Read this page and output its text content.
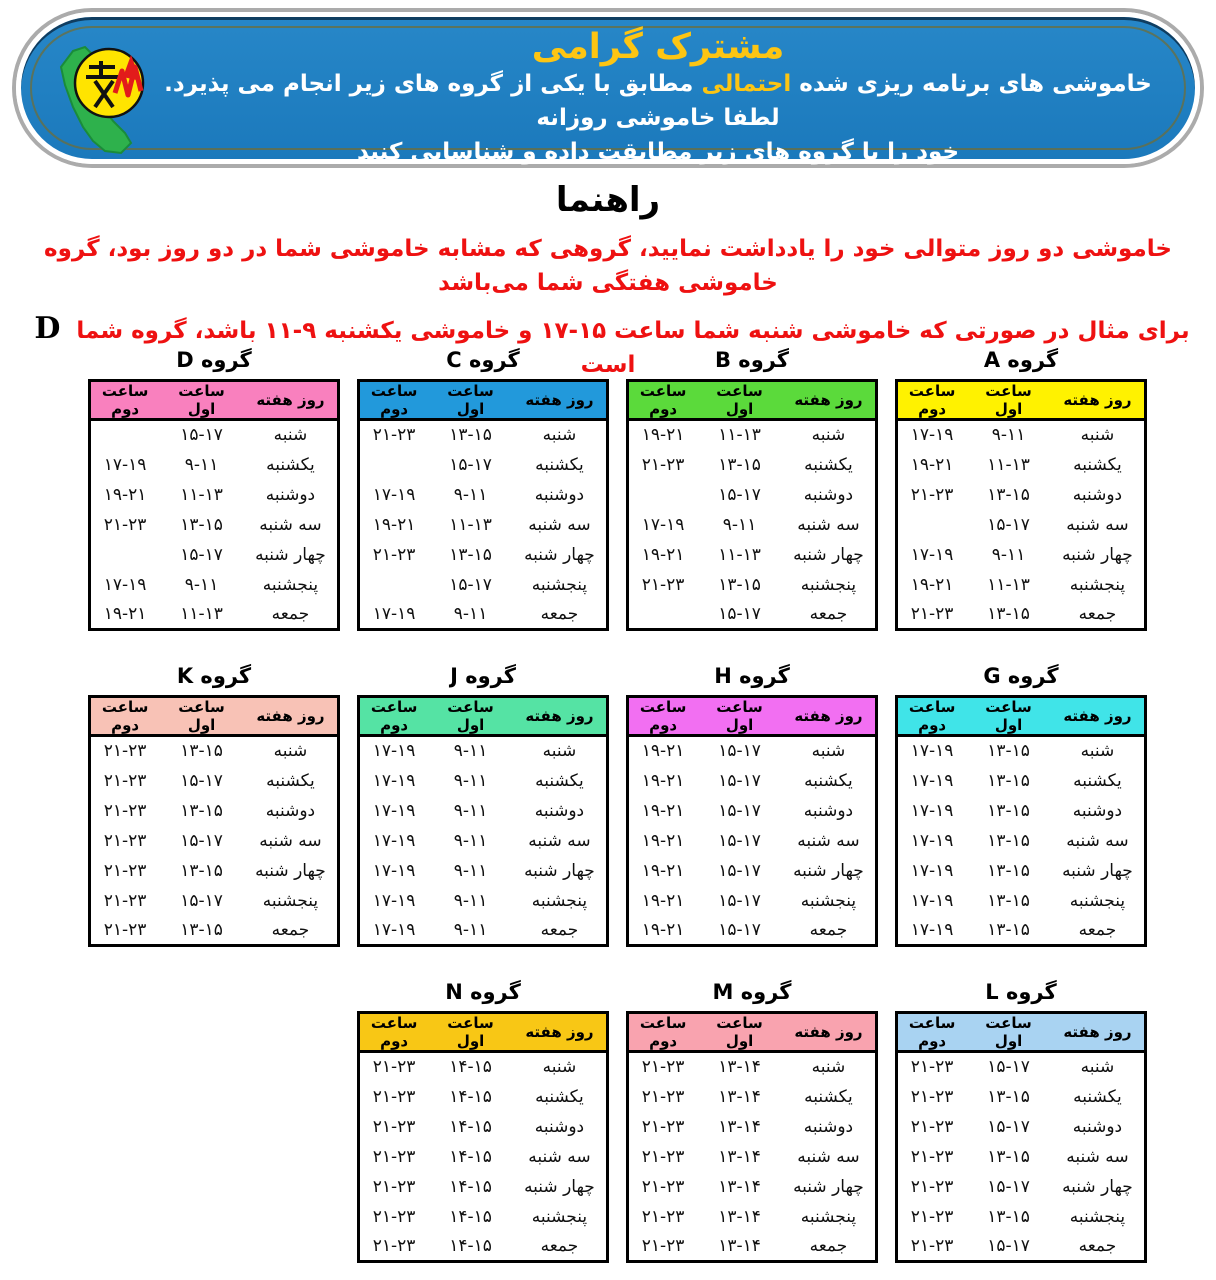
مشترک گرامی
خاموشی های برنامه ریزی شده احتمالی مطابق با یکی از گروه های زیر انجام می پذیرد. لطفا خاموشی روزانه
خود را با گروه های زیر مطابقت داده و شناسایی کنید
راهنما
خاموشی دو روز متوالی خود را یادداشت نمایید، گروهی که مشابه خاموشی شما در دو روز بود، گروه خاموشی هفتگی شما می‌باشد
برای مثال در صورتی که خاموشی شنبه شما ساعت ۱۵-۱۷ و خاموشی یکشنبه ۹-۱۱ باشد، گروه شما D است
گروه D
روز هفته	ساعت اول	ساعت دوم
شنبه	۱۵-۱۷	
یکشنبه	۹-۱۱	۱۷-۱۹
دوشنبه	۱۱-۱۳	۱۹-۲۱
سه شنبه	۱۳-۱۵	۲۱-۲۳
چهار شنبه	۱۵-۱۷	
پنجشنبه	۹-۱۱	۱۷-۱۹
جمعه	۱۱-۱۳	۱۹-۲۱
گروه C
روز هفته	ساعت اول	ساعت دوم
شنبه	۱۳-۱۵	۲۱-۲۳
یکشنبه	۱۵-۱۷	
دوشنبه	۹-۱۱	۱۷-۱۹
سه شنبه	۱۱-۱۳	۱۹-۲۱
چهار شنبه	۱۳-۱۵	۲۱-۲۳
پنجشنبه	۱۵-۱۷	
جمعه	۹-۱۱	۱۷-۱۹
گروه B
روز هفته	ساعت اول	ساعت دوم
شنبه	۱۱-۱۳	۱۹-۲۱
یکشنبه	۱۳-۱۵	۲۱-۲۳
دوشنبه	۱۵-۱۷	
سه شنبه	۹-۱۱	۱۷-۱۹
چهار شنبه	۱۱-۱۳	۱۹-۲۱
پنجشنبه	۱۳-۱۵	۲۱-۲۳
جمعه	۱۵-۱۷	
گروه A
روز هفته	ساعت اول	ساعت دوم
شنبه	۹-۱۱	۱۷-۱۹
یکشنبه	۱۱-۱۳	۱۹-۲۱
دوشنبه	۱۳-۱۵	۲۱-۲۳
سه شنبه	۱۵-۱۷	
چهار شنبه	۹-۱۱	۱۷-۱۹
پنجشنبه	۱۱-۱۳	۱۹-۲۱
جمعه	۱۳-۱۵	۲۱-۲۳
گروه K
روز هفته	ساعت اول	ساعت دوم
شنبه	۱۳-۱۵	۲۱-۲۳
یکشنبه	۱۵-۱۷	۲۱-۲۳
دوشنبه	۱۳-۱۵	۲۱-۲۳
سه شنبه	۱۵-۱۷	۲۱-۲۳
چهار شنبه	۱۳-۱۵	۲۱-۲۳
پنجشنبه	۱۵-۱۷	۲۱-۲۳
جمعه	۱۳-۱۵	۲۱-۲۳
گروه J
روز هفته	ساعت اول	ساعت دوم
شنبه	۹-۱۱	۱۷-۱۹
یکشنبه	۹-۱۱	۱۷-۱۹
دوشنبه	۹-۱۱	۱۷-۱۹
سه شنبه	۹-۱۱	۱۷-۱۹
چهار شنبه	۹-۱۱	۱۷-۱۹
پنجشنبه	۹-۱۱	۱۷-۱۹
جمعه	۹-۱۱	۱۷-۱۹
گروه H
روز هفته	ساعت اول	ساعت دوم
شنبه	۱۵-۱۷	۱۹-۲۱
یکشنبه	۱۵-۱۷	۱۹-۲۱
دوشنبه	۱۵-۱۷	۱۹-۲۱
سه شنبه	۱۵-۱۷	۱۹-۲۱
چهار شنبه	۱۵-۱۷	۱۹-۲۱
پنجشنبه	۱۵-۱۷	۱۹-۲۱
جمعه	۱۵-۱۷	۱۹-۲۱
گروه G
روز هفته	ساعت اول	ساعت دوم
شنبه	۱۳-۱۵	۱۷-۱۹
یکشنبه	۱۳-۱۵	۱۷-۱۹
دوشنبه	۱۳-۱۵	۱۷-۱۹
سه شنبه	۱۳-۱۵	۱۷-۱۹
چهار شنبه	۱۳-۱۵	۱۷-۱۹
پنجشنبه	۱۳-۱۵	۱۷-۱۹
جمعه	۱۳-۱۵	۱۷-۱۹
گروه N
روز هفته	ساعت اول	ساعت دوم
شنبه	۱۴-۱۵	۲۱-۲۳
یکشنبه	۱۴-۱۵	۲۱-۲۳
دوشنبه	۱۴-۱۵	۲۱-۲۳
سه شنبه	۱۴-۱۵	۲۱-۲۳
چهار شنبه	۱۴-۱۵	۲۱-۲۳
پنجشنبه	۱۴-۱۵	۲۱-۲۳
جمعه	۱۴-۱۵	۲۱-۲۳
گروه M
روز هفته	ساعت اول	ساعت دوم
شنبه	۱۳-۱۴	۲۱-۲۳
یکشنبه	۱۳-۱۴	۲۱-۲۳
دوشنبه	۱۳-۱۴	۲۱-۲۳
سه شنبه	۱۳-۱۴	۲۱-۲۳
چهار شنبه	۱۳-۱۴	۲۱-۲۳
پنجشنبه	۱۳-۱۴	۲۱-۲۳
جمعه	۱۳-۱۴	۲۱-۲۳
گروه L
روز هفته	ساعت اول	ساعت دوم
شنبه	۱۵-۱۷	۲۱-۲۳
یکشنبه	۱۳-۱۵	۲۱-۲۳
دوشنبه	۱۵-۱۷	۲۱-۲۳
سه شنبه	۱۳-۱۵	۲۱-۲۳
چهار شنبه	۱۵-۱۷	۲۱-۲۳
پنجشنبه	۱۳-۱۵	۲۱-۲۳
جمعه	۱۵-۱۷	۲۱-۲۳
